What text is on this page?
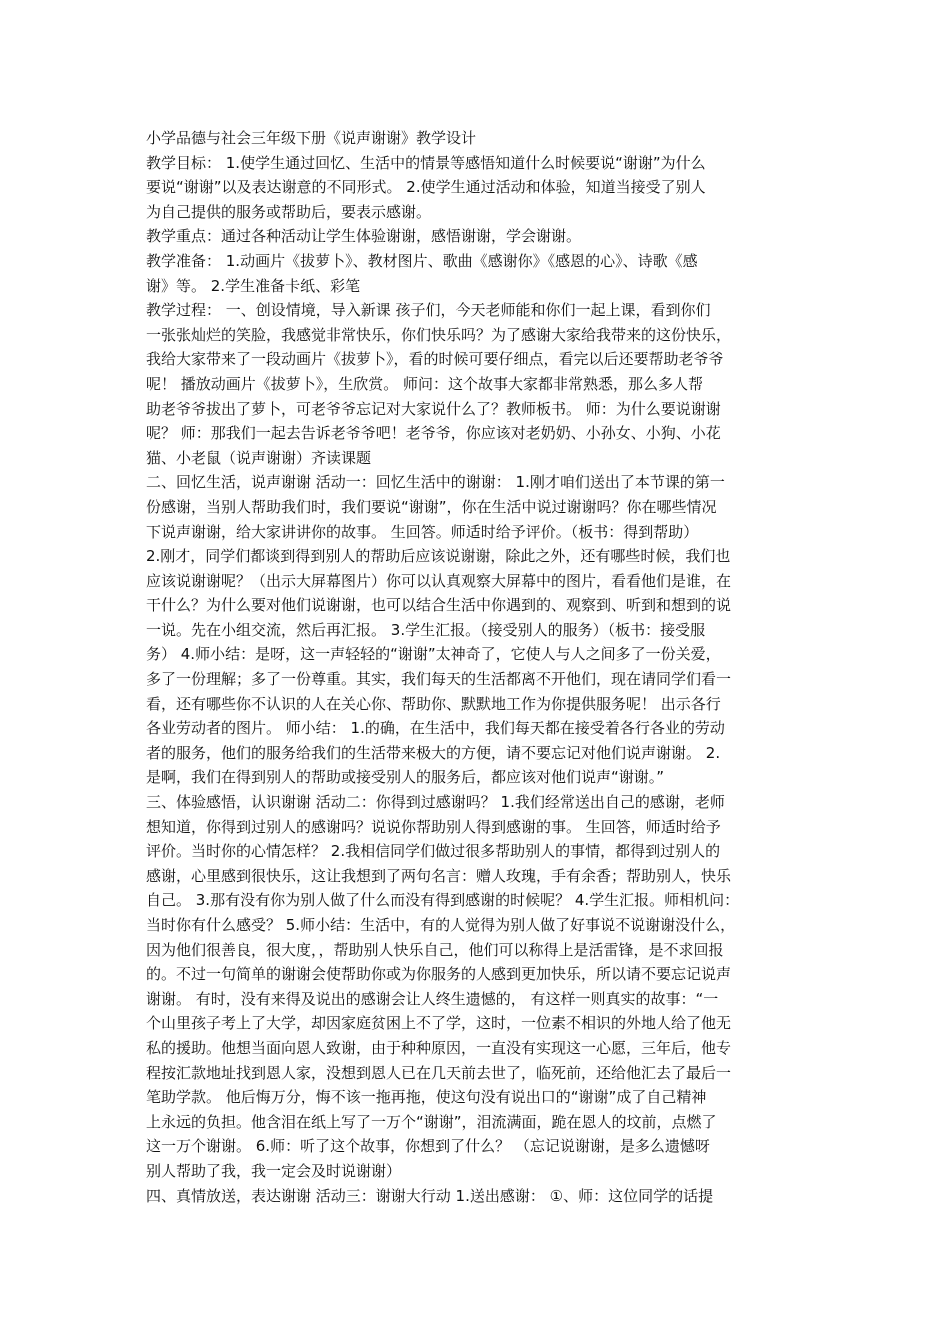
小学品德与社会三年级下册《说声谢谢》教学设计
教学目标： 1.使学生通过回忆、生活中的情景等感悟知道什么时候要说“谢谢”为什么
要说“谢谢”以及表达谢意的不同形式。 2.使学生通过活动和体验，知道当接受了别人
为自己提供的服务或帮助后，要表示感谢。
教学重点：通过各种活动让学生体验谢谢，感悟谢谢，学会谢谢。
教学准备： 1.动画片《拔萝卜》、教材图片、歌曲《感谢你》《感恩的心》、诗歌《感
谢》等。 2.学生准备卡纸、彩笔
教学过程： 一、创设情境，导入新课 孩子们，今天老师能和你们一起上课，看到你们
一张张灿烂的笑脸，我感觉非常快乐，你们快乐吗？为了感谢大家给我带来的这份快乐，
我给大家带来了一段动画片《拔萝卜》，看的时候可要仔细点，看完以后还要帮助老爷爷
呢！ 播放动画片《拔萝卜》，生欣赏。 师问：这个故事大家都非常熟悉，那么多人帮
助老爷爷拔出了萝卜，可老爷爷忘记对大家说什么了？教师板书。 师：为什么要说谢谢
呢？ 师：那我们一起去告诉老爷爷吧！老爷爷，你应该对老奶奶、小孙女、小狗、小花
猫、小老鼠（说声谢谢）齐读课题
二、回忆生活，说声谢谢 活动一：回忆生活中的谢谢： 1.刚才咱们送出了本节课的第一
份感谢，当别人帮助我们时，我们要说“谢谢”，你在生活中说过谢谢吗？你在哪些情况
下说声谢谢，给大家讲讲你的故事。 生回答。师适时给予评价。（板书：得到帮助）
2.刚才，同学们都谈到得到别人的帮助后应该说谢谢，除此之外，还有哪些时候，我们也
应该说谢谢呢？（出示大屏幕图片）你可以认真观察大屏幕中的图片，看看他们是谁，在
干什么？为什么要对他们说谢谢，也可以结合生活中你遇到的、观察到、听到和想到的说
一说。先在小组交流，然后再汇报。 3.学生汇报。（接受别人的服务）（板书：接受服
务） 4.师小结：是呀，这一声轻轻的“谢谢”太神奇了，它使人与人之间多了一份关爱，
多了一份理解；多了一份尊重。其实，我们每天的生活都离不开他们，现在请同学们看一
看，还有哪些你不认识的人在关心你、帮助你、默默地工作为你提供服务呢！ 出示各行
各业劳动者的图片。 师小结： 1.的确，在生活中，我们每天都在接受着各行各业的劳动
者的服务，他们的服务给我们的生活带来极大的方便，请不要忘记对他们说声谢谢。 2.
是啊，我们在得到别人的帮助或接受别人的服务后，都应该对他们说声“谢谢。”
三、体验感悟，认识谢谢 活动二：你得到过感谢吗？ 1.我们经常送出自己的感谢，老师
想知道，你得到过别人的感谢吗？说说你帮助别人得到感谢的事。 生回答，师适时给予
评价。当时你的心情怎样？ 2.我相信同学们做过很多帮助别人的事情，都得到过别人的
感谢，心里感到很快乐，这让我想到了两句名言：赠人玫瑰，手有余香；帮助别人，快乐
自己。 3.那有没有你为别人做了什么而没有得到感谢的时候呢？ 4.学生汇报。师相机问：
当时你有什么感受？ 5.师小结：生活中，有的人觉得为别人做了好事说不说谢谢没什么，
因为他们很善良，很大度，，帮助别人快乐自己，他们可以称得上是活雷锋，是不求回报
的。不过一句简单的谢谢会使帮助你或为你服务的人感到更加快乐，所以请不要忘记说声
谢谢。 有时，没有来得及说出的感谢会让人终生遗憾的， 有这样一则真实的故事：“一
个山里孩子考上了大学，却因家庭贫困上不了学，这时，一位素不相识的外地人给了他无
私的援助。他想当面向恩人致谢，由于种种原因，一直没有实现这一心愿，三年后，他专
程按汇款地址找到恩人家，没想到恩人已在几天前去世了，临死前，还给他汇去了最后一
笔助学款。 他后悔万分，悔不该一拖再拖，使这句没有说出口的“谢谢”成了自己精神
上永远的负担。他含泪在纸上写了一万个“谢谢”，泪流满面，跪在恩人的坟前，点燃了
这一万个谢谢。 6.师：听了这个故事，你想到了什么？ （忘记说谢谢，是多么遗憾呀
别人帮助了我，我一定会及时说谢谢）
四、真情放送，表达谢谢 活动三：谢谢大行动 1.送出感谢： ①、师：这位同学的话提
